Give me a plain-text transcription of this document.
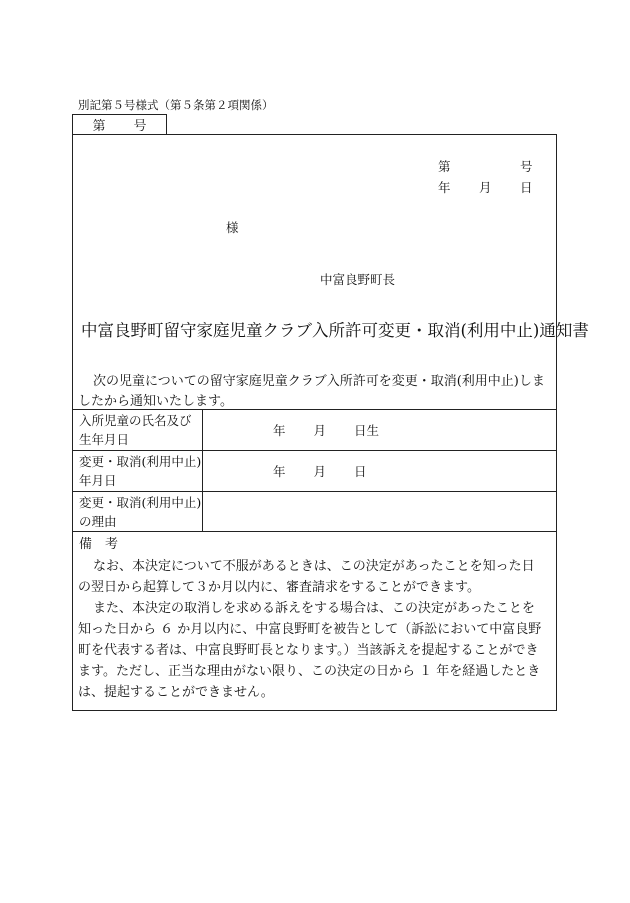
別記第５号様式（第５条第２項関係）
第 号
第	号
年 月 日
様
中富良野町長
中富良野町留守家庭児童クラブ入所許可変更・取消(利用中止)通知書
次の児童についての留守家庭児童クラブ入所許可を変更・取消(利用中止)しま
したから通知いたします。
入所児童の氏名及び
生年月日	年 月 日生

変更・取消(利用中止)
年月日	年 月 日

変更・取消(利用中止)
の理由	

備　考
なお、本決定について不服があるときは、この決定があったことを知った日
の翌日から起算して３か月以内に、審査請求をすることができます。
また、本決定の取消しを求める訴えをする場合は、この決定があったことを
知った日から ６ か月以内に、中富良野町を被告として（訴訟において中富良野
町を代表する者は、中富良野町長となります。）当該訴えを提起することができ
ます。ただし、正当な理由がない限り、この決定の日から １ 年を経過したとき
は、提起することができません。
